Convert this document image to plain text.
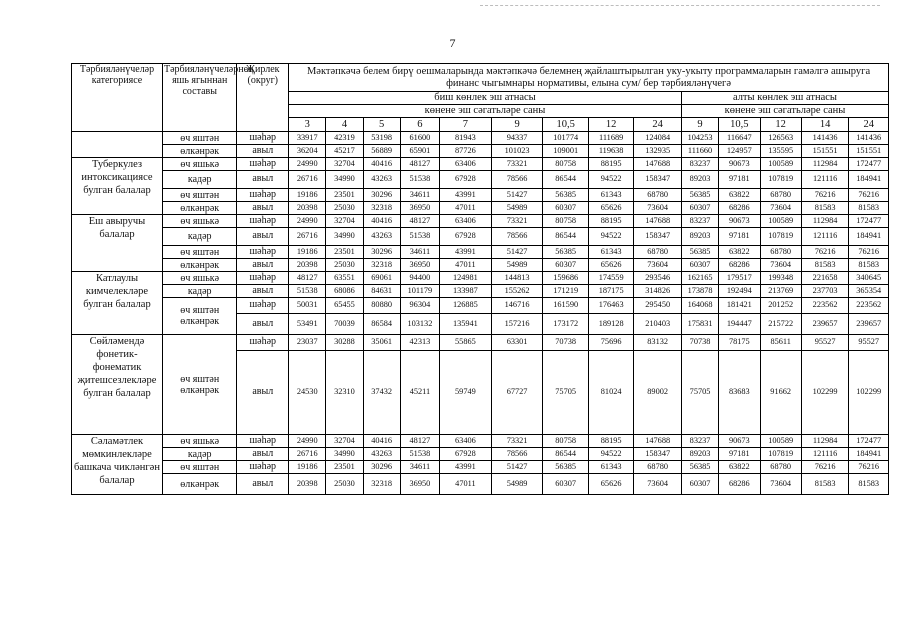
7
Тәрбияләнүчеләр категориясе	Тәрбияләнүчеләрнең яшь ягыннан составы	Җирлек (округ)	Мәктәпкәчә белем бирү оешмаларында мәктәпкәчә белемнең җайлаштырылган уку-укыту программаларын гамәлгә ашыруга финанс чыгымнары нормативы, елына сум/ бер тәрбияләнүчегә													
			биш көнлек эш атнасы									алты көнлек эш атнасы				
			көнене эш сәгатьләре саны									көнене эш сәгатьләре саны				
			3	4	5	6	7	9	10,5	12	24	9	10,5	12	14	24
	өч яштән	шәһәр	33917	42319	53198	61600	81943	94337	101774	111689	124084	104253	116647	126563	141436	141436
	өлкәнрәк	авыл	36204	45217	56889	65901	87726	101023	109001	119638	132935	111660	124957	135595	151551	151551
Туберкулез интоксикациясе булган балалар	өч яшькә	шәһәр	24990	32704	40416	48127	63406	73321	80758	88195	147688	83237	90673	100589	112984	172477
	кадәр	авыл	26716	34990	43263	51538	67928	78566	86544	94522	158347	89203	97181	107819	121116	184941
	өч яштән	шәһәр	19186	23501	30296	34611	43991	51427	56385	61343	68780	56385	63822	68780	76216	76216
	өлкәнрәк	авыл	20398	25030	32318	36950	47011	54989	60307	65626	73604	60307	68286	73604	81583	81583
Еш авыручы балалар	өч яшькә	шәһәр	24990	32704	40416	48127	63406	73321	80758	88195	147688	83237	90673	100589	112984	172477
	кадәр	авыл	26716	34990	43263	51538	67928	78566	86544	94522	158347	89203	97181	107819	121116	184941
	өч яштән	шәһәр	19186	23501	30296	34611	43991	51427	56385	61343	68780	56385	63822	68780	76216	76216
	өлкәнрәк	авыл	20398	25030	32318	36950	47011	54989	60307	65626	73604	60307	68286	73604	81583	81583
Катлаулы кимчелекләре булган балалар	өч яшькә	шәһәр	48127	63551	69061	94400	124981	144813	159686	174559	293546	162165	179517	199348	221658	340645
	кадәр	авыл	51538	68086	84631	101179	133987	155262	171219	187175	314826	173878	192494	213769	237703	365354
	өч яштән өлкәнрәк	шәһәр	50031	65455	80880	96304	126885	146716	161590	176463	295450	164068	181421	201252	223562	223562
		авыл	53491	70039	86584	103132	135941	157216	173172	189128	210403	175831	194447	215722	239657	239657
Сөйләмендә фонетик-фонематик җитешсезлекләре булган балалар	өч яштән өлкәнрәк	шәһәр	23037	30288	35061	42313	55865	63301	70738	75696	83132	70738	78175	85611	95527	95527
		авыл	24530	32310	37432	45211	59749	67727	75705	81024	89002	75705	83683	91662	102299	102299
Сәламәтлек мөмкинлекләре башкача чикләнгән балалар	өч яшькә	шәһәр	24990	32704	40416	48127	63406	73321	80758	88195	147688	83237	90673	100589	112984	172477
	кадәр	авыл	26716	34990	43263	51538	67928	78566	86544	94522	158347	89203	97181	107819	121116	184941
	өч яштән	шәһәр	19186	23501	30296	34611	43991	51427	56385	61343	68780	56385	63822	68780	76216	76216
	өлкәнрәк	авыл	20398	25030	32318	36950	47011	54989	60307	65626	73604	60307	68286	73604	81583	81583
